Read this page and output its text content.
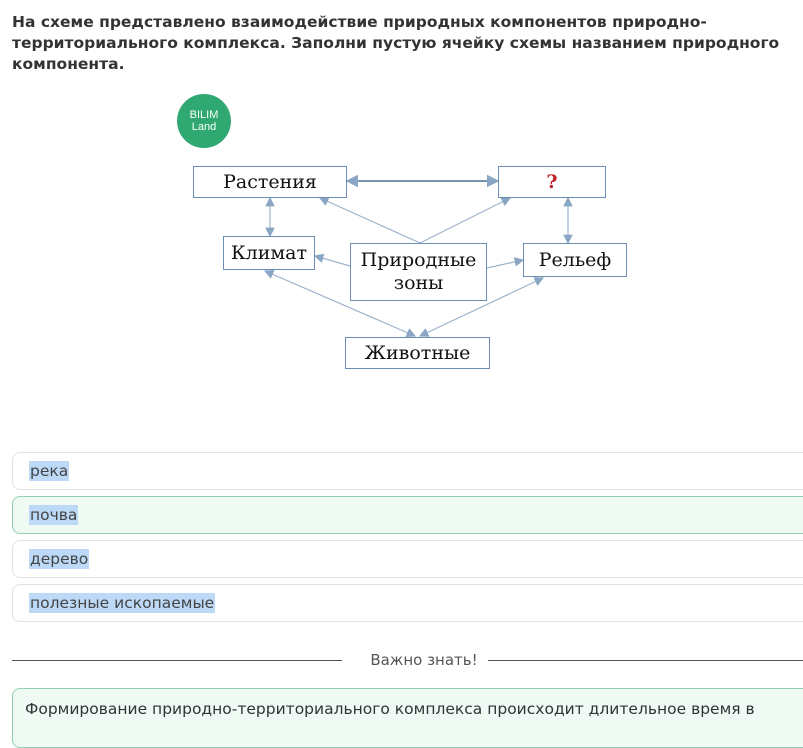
На схеме представлено взаимодействие природных компонентов природно-территориального комплекса. Заполни пустую ячейку схемы названием природного компонента.
BILIM
Land
Растения	?
Климат	Природные зоны
Рельеф
Животные
река
почва
дерево
полезные ископаемые
Важно знать!
Формирование природно-территориального комплекса происходит длительное время в
